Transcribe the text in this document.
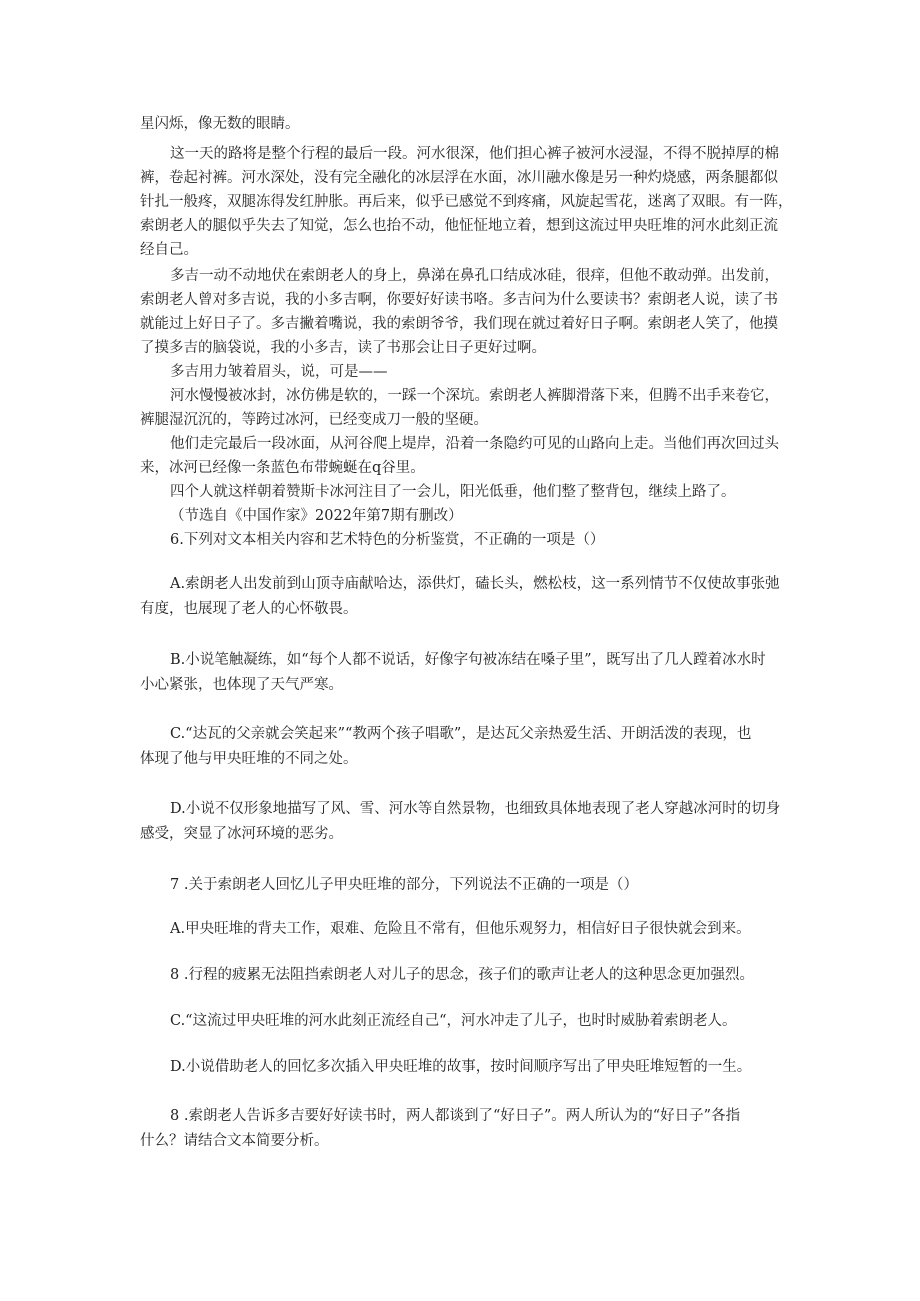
星闪烁，像无数的眼睛。
这一天的路将是整个行程的最后一段。河水很深，他们担心裤子被河水浸湿，不得不脱掉厚的棉
裤，卷起衬裤。河水深处，没有完全融化的冰层浮在水面，冰川融水像是另一种灼烧感，两条腿都似
针扎一般疼，双腿冻得发红肿胀。再后来，似乎已感觉不到疼痛，风旋起雪花，迷离了双眼。有一阵，
索朗老人的腿似乎失去了知觉，怎么也抬不动，他怔怔地立着，想到这流过甲央旺堆的河水此刻正流
经自己。
多吉一动不动地伏在索朗老人的身上，鼻涕在鼻孔口结成冰硅，很痒，但他不敢动弹。出发前，
索朗老人曾对多吉说，我的小多吉啊，你要好好读书咯。多吉问为什么要读书？索朗老人说，读了书
就能过上好日子了。多吉撇着嘴说，我的索朗爷爷，我们现在就过着好日子啊。索朗老人笑了，他摸
了摸多吉的脑袋说，我的小多吉，读了书那会让日子更好过啊。
多吉用力皱着眉头，说，可是——
河水慢慢被冰封，冰仿佛是软的，一踩一个深坑。索朗老人裤脚滑落下来，但腾不出手来卷它，
裤腿湿沉沉的，等跨过冰河，已经变成刀一般的坚硬。
他们走完最后一段冰面，从河谷爬上堤岸，沿着一条隐约可见的山路向上走。当他们再次回过头
来，冰河已经像一条蓝色布带蜿蜒在q谷里。
四个人就这样朝着赞斯卡冰河注目了一会儿，阳光低垂，他们整了整背包，继续上路了。
（节选自《中国作家》2022年第7期有删改）
6.下列对文本相关内容和艺术特色的分析鉴赏，不正确的一项是（）
A.索朗老人出发前到山顶寺庙献哈达，添供灯，磕长头，燃松枝，这一系列情节不仅使故事张弛
有度，也展现了老人的心怀敬畏。
B.小说笔触凝练，如“每个人都不说话，好像字句被冻结在嗓子里”，既写出了几人蹚着冰水时
小心紧张，也体现了天气严寒。
C.“达瓦的父亲就会笑起来”“教两个孩子唱歌”，是达瓦父亲热爱生活、开朗活泼的表现，也
体现了他与甲央旺堆的不同之处。
D.小说不仅形象地描写了风、雪、河水等自然景物，也细致具体地表现了老人穿越冰河时的切身
感受，突显了冰河环境的恶劣。
7 .关于索朗老人回忆儿子甲央旺堆的部分，下列说法不正确的一项是（）
A.甲央旺堆的背夫工作，艰难、危险且不常有，但他乐观努力，相信好日子很快就会到来。
8 .行程的疲累无法阻挡索朗老人对儿子的思念，孩子们的歌声让老人的这种思念更加强烈。
C.“这流过甲央旺堆的河水此刻正流经自己“，河水冲走了儿子，也时时威胁着索朗老人。
D.小说借助老人的回忆多次插入甲央旺堆的故事，按时间顺序写出了甲央旺堆短暂的一生。
8 .索朗老人告诉多吉要好好读书时，两人都谈到了“好日子”。两人所认为的“好日子”各指
什么？请结合文本简要分析。
